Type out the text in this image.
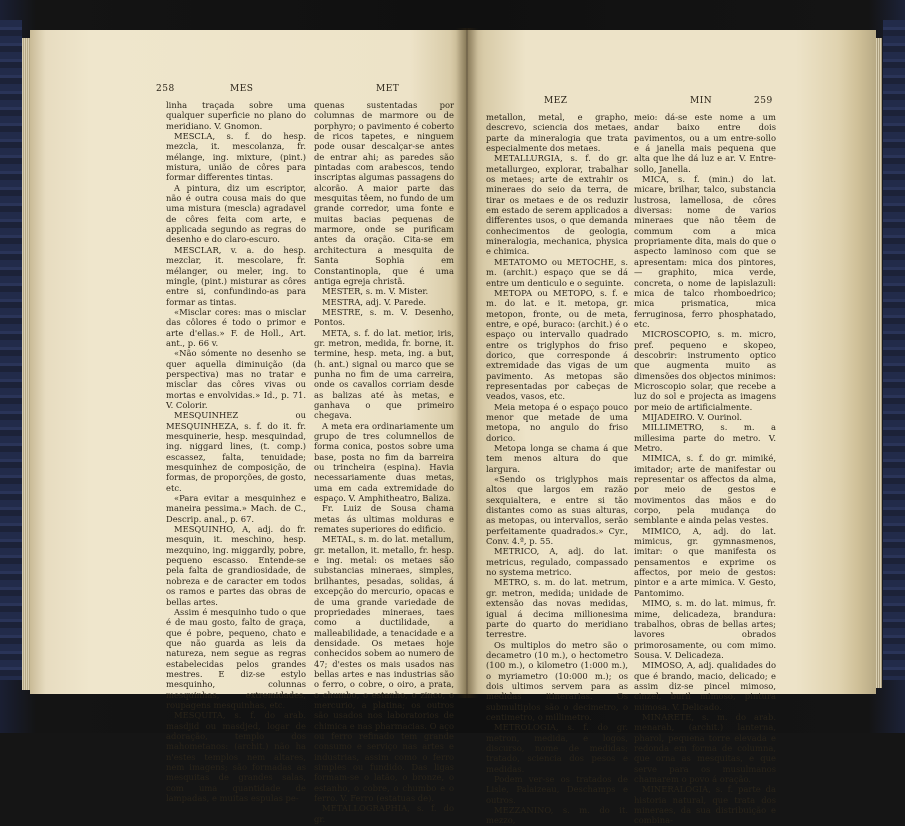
258	MES	MET

linha traçada sobre uma qualquer superficie no plano do meridiano. V. Gnomon.

MESCLA, s. f. do hesp. mezcla, it. mescolanza, fr. mélange, ing. mixture, (pint.) mistura, união de côres para formar differentes tintas.

A pintura, diz um escriptor, não é outra cousa mais do que uma mistura (mescla) agradavel de côres feita com arte, e applicada segundo as regras do desenho e do claro-escuro.

MESCLAR, v. a. do hesp. mezclar, it. mescolare, fr. mélanger, ou meler, ing. to mingle, (pint.) misturar as côres entre si, confundindo-as para formar as tintas.

«Misclar cores: mas o misclar das côlores é todo o primor e arte d'ellas.» F. de Holl., Art. ant., p. 66 v.

«Não sómente no desenho se quer aquella diminuição (da perspectiva) mas no tratar e misclar das côres vivas ou mortas e envolvidas.» Id., p. 71. V. Colorir.

MESQUINHEZ ou MESQUINHEZA, s. f. do it. fr. mesquinerie, hesp. mesquindad, ing. niggard lines, (t. comp.) escassez, falta, tenuidade; mesquinhez de composição, de formas, de proporções, de gosto, etc.

«Para evitar a mesquinhez e maneira pessima.» Mach. de C., Descrip. anal., p. 67.

MESQUINHO, A, adj. do fr. mesquin, it. meschino, hesp. mezquino, ing. miggardly, pobre, pequeno escasso. Entende-se pela falta de grandiosidade, de nobreza e de caracter em todos os ramos e partes das obras de bellas artes.

Assim é mesquinho tudo o que é de mau gosto, falto de graça, que é pobre, pequeno, chato e que não guarda as leis da natureza, nem segue as regras estabelecidas pelos grandes mestres. E diz-se estylo mesquinho, colunnas mesquinhas, extremidades, roupagens mesquinhas, etc.

MESQUITA, s. f. do arab. masdjid ou masdjed, logar de adoração, templo dos mahometanos: (archit.) não ha n'estes templos nem altares, nem imagens; são formadas as mesquitas de grandes salas, com uma quantidade de lampadas, e muitas espulas pe-

quenas sustentadas por columnas de marmore ou de porphyro; o pavimento é coberto de ricos tapetes, e ninguem pode ousar descalçar-se antes de entrar ahi; as paredes são pintadas com arabescos, tendo inscriptas algumas passagens do alcorão. A maior parte das mesquitas têem, no fundo de um grande corredor, uma fonte e muitas bacias pequenas de marmore, onde se purificam antes da oração. Cita-se em architectura a mesquita de Santa Sophia em Constantinopla, que é uma antiga egreja christã.

MESTER, s. m. V. Mister.

MESTRA, adj. V. Parede.

MESTRE, s. m. V. Desenho, Pontos.

META, s. f. do lat. metior, iris, gr. metron, medida, fr. borne, it. termine, hesp. meta, ing. a but, (h. ant.) signal ou marco que se punha no fim de uma carreira, onde os cavallos corriam desde as balizas até às metas, e ganhava o que primeiro chegava.

A meta era ordinariamente um grupo de tres columnellos de forma conica, postos sobre uma base, posta no fim da barreira ou trincheira (espina). Havia necessariamente duas metas, uma em cada extremidade do espaço. V. Amphitheatro, Baliza.

Fr. Luiz de Sousa chama metas ás ultimas molduras e remates superiores do edificio.

METAL, s. m. do lat. metallum, gr. metallon, it. metallo, fr. hesp. e ing. metal: os metaes são substancias mineraes, simples, brilhantes, pesadas, solidas, á excepção do mercurio, opacas e de uma grande variedade de propriedades mineraes, taes como a ductilidade, a malleabilidade, a tenacidade e a densidade. Os metaes hoje conhecidos sobem ao numero de 47; d'estes os mais usados nas bellas artes e nas industrias são o ferro, o cobre, o oiro, a prata, o chumbo, o estanho, o zinco, o mercurio, a platina; os outros são usados nos laboratorios de chimica e nas pharmacias. O aço ou ferro refinado tem grande consumo e serviço nas artes e industrias, assim como o ferro simples ou fundido. Das ligas formam-se o latão, o bronze, o estanho, o cobre, o chumbo e o ferro. V. Ferro (estatuas de).

METALLOGRAPHIA, s. f. do gr.

MEZ	MIN	259

metallon, metal, e grapho, descrevo, sciencia dos metaes, parte da mineralogia que trata especialmente dos metaes.

METALLURGIA, s. f. do gr. metallurgeo, explorar, trabalhar os metaes; arte de extrahir os mineraes do seio da terra, de tirar os metaes e de os reduzir em estado de serem applicados a differentes usos, o que demanda conhecimentos de geologia, mineralogia, mechanica, physica e chimica.

METATOMO ou METOCHE, s. m. (archit.) espaço que se dá entre um denticulo e o seguinte.

METOPA ou METOPO, s. f. e m. do lat. e it. metopa, gr. metopon, fronte, ou de meta, entre, e opé, buraco: (archit.) é o espaço ou intervallo quadrado entre os triglyphos do friso dorico, que corresponde á extremidade das vigas de um pavimento. As metopas são representadas por cabeças de veados, vasos, etc.

Meia metopa é o espaço pouco menor que metade de uma metopa, no angulo do friso dorico.

Metopa longa se chama á que tem menos altura do que largura.

«Sendo os triglyphos mais altos que largos em razão sexquialtera, e entre si tão distantes como as suas alturas, as metopas, ou intervallos, serão perfeitamente quadrados.» Cyr., Conv. 4.ª, p. 55.

METRICO, A, adj. do lat. metricus, regulado, compassado no systema metrico.

METRO, s. m. do lat. metrum, gr. metron, medida; unidade de extensão das novas medidas, igual á decima millionesima parte do quarto do meridiano terrestre.

Os multiplos do metro são o decametro (10 m.), o hectometro (100 m.), o kilometro (1:000 m.), o myriametro (10:000 m.); os dois ultimos servem para as medidas itinerarias. Os submultiplos são o decimetro, o centimetro, o millimetro.

METROLOGIA, s. f. do gr. metron, medida, e logos, discurso, nome de medidas; tratado, sciencia dos pesos e medidas.

Podem ver-se os tratados de Lisle, Palaizeau, Deschamps e outros.

MEZZANINO, s. m. do it. mezzo,

meio: dá-se este nome a um andar baixo entre dois pavimentos, ou a um entre-sollo e á janella mais pequena que alta que lhe dá luz e ar. V. Entre-sollo, Janella.

MICA, s. f. (min.) do lat. micare, brilhar, talco, substancia lustrosa, lamellosa, de côres diversas: nome de varios mineraes que não têem de commum com a mica propriamente dita, mais do que o aspecto laminoso com que se apresentam: mica dos pintores, — graphito, mica verde, concreta, o nome de lapislazuli: mica de talco rhomboedrico; mica prismatica, mica ferruginosa, ferro phosphatado, etc.

MICROSCOPIO, s. m. micro, pref. pequeno e skopeo, descobrir: instrumento optico que augmenta muito as dimensões dos objectos minimos: Microscopio solar, que recebe a luz do sol e projecta as imagens por meio de artificialmente.

MIJADEIRO. V. Ourinol.

MILLIMETRO, s. m. a millesima parte do metro. V. Metro.

MIMICA, s. f. do gr. mimiké, imitador; arte de manifestar ou representar os affectos da alma, por meio de gestos e movimentos das mãos e do corpo, pela mudança do semblante e ainda pelas vestes.

MIMICO, A, adj. do lat. mimicus, gr. gymnasmenos, imitar: o que manifesta os pensamentos e exprime os affectos, por meio de gestos: pintor e a arte mimica. V. Gesto, Pantomimo.

MIMO, s. m. do lat. mimus, fr. mime, delicadeza, brandura: trabalhos, obras de bellas artes; lavores obrados primorosamente, ou com mimo. Sousa. V. Delicadeza.

MIMOSO, A, adj. qualidades do que é brando, macio, delicado; e assim diz-se pincel mimoso, cinzel, buril mimoso, pintura mimosa. V. Delicado.

MINARETE, s. m. do arab. menarah, (archit.) lanterna, pharol, pequena torre elevada e redonda em forma de columna, que orna as mesquitas, e que serve para os musulmanos chamarem o povo á oração.

MINERALOGIA, s. f. parte da historia natural, que trata dos mineraes, da sua distribuição e combina-
